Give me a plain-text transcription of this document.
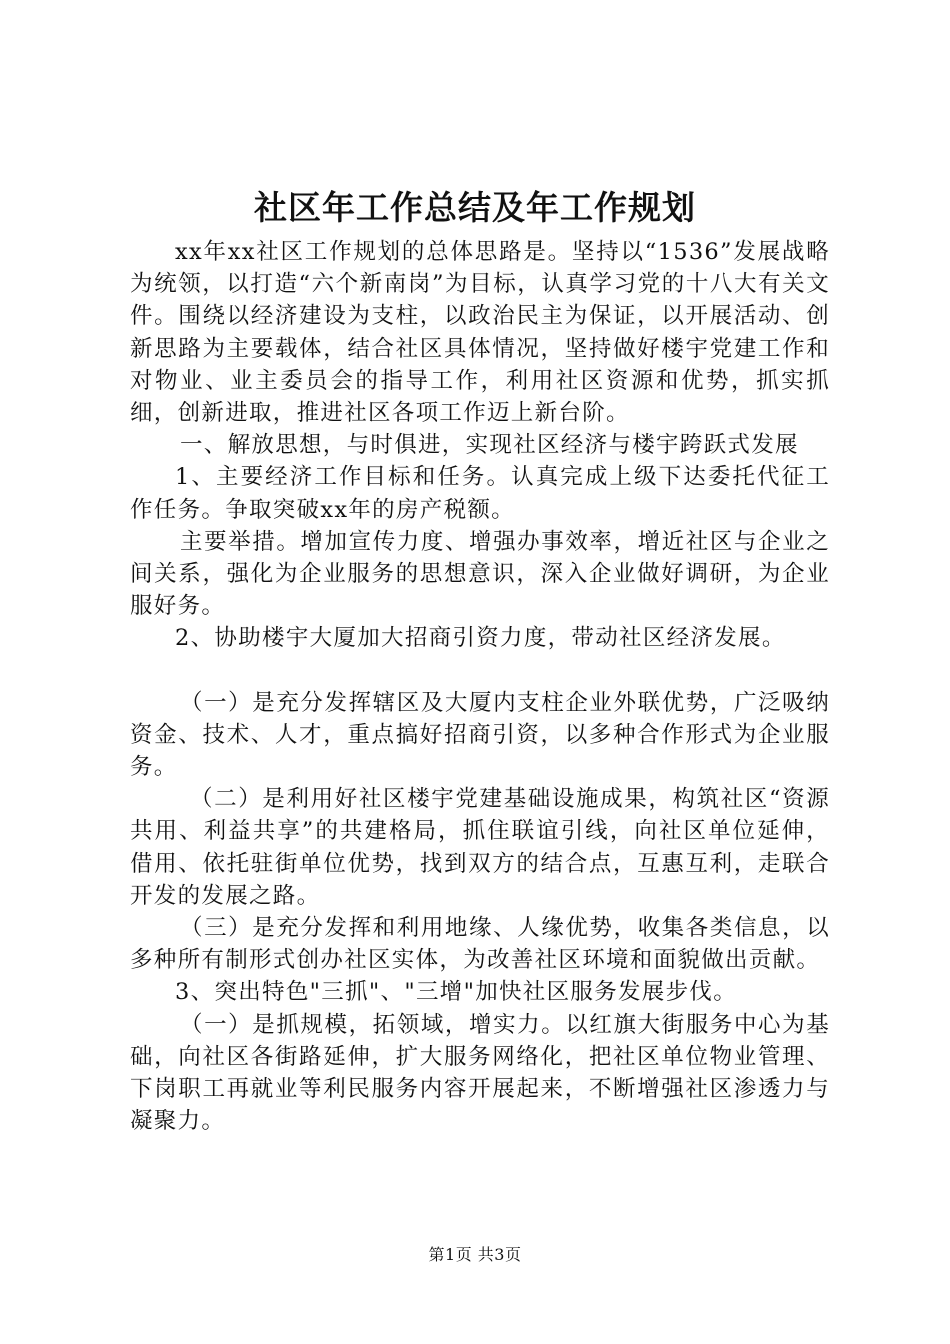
社区年工作总结及年工作规划

xx年xx社区工作规划的总体思路是。坚持以“1536”发展战略为统领，以打造“六个新南岗”为目标，认真学习党的十八大有关文件。围绕以经济建设为支柱，以政治民主为保证，以开展活动、创新思路为主要载体，结合社区具体情况，坚持做好楼宇党建工作和对物业、业主委员会的指导工作，利用社区资源和优势，抓实抓细，创新进取，推进社区各项工作迈上新台阶。

一、解放思想，与时俱进，实现社区经济与楼宇跨跃式发展

1、主要经济工作目标和任务。认真完成上级下达委托代征工作任务。争取突破xx年的房产税额。

主要举措。增加宣传力度、增强办事效率，增近社区与企业之间关系，强化为企业服务的思想意识，深入企业做好调研，为企业服好务。

2、协助楼宇大厦加大招商引资力度，带动社区经济发展。

（一）是充分发挥辖区及大厦内支柱企业外联优势，广泛吸纳资金、技术、人才，重点搞好招商引资，以多种合作形式为企业服务。

（二）是利用好社区楼宇党建基础设施成果，构筑社区“资源共用、利益共享”的共建格局，抓住联谊引线，向社区单位延伸，借用、依托驻街单位优势，找到双方的结合点，互惠互利，走联合开发的发展之路。

（三）是充分发挥和利用地缘、人缘优势，收集各类信息，以多种所有制形式创办社区实体，为改善社区环境和面貌做出贡献。

3、突出特色"三抓"、"三增"加快社区服务发展步伐。

（一）是抓规模，拓领域，增实力。以红旗大街服务中心为基础，向社区各街路延伸，扩大服务网络化，把社区单位物业管理、下岗职工再就业等利民服务内容开展起来，不断增强社区渗透力与凝聚力。

第1页 共3页
